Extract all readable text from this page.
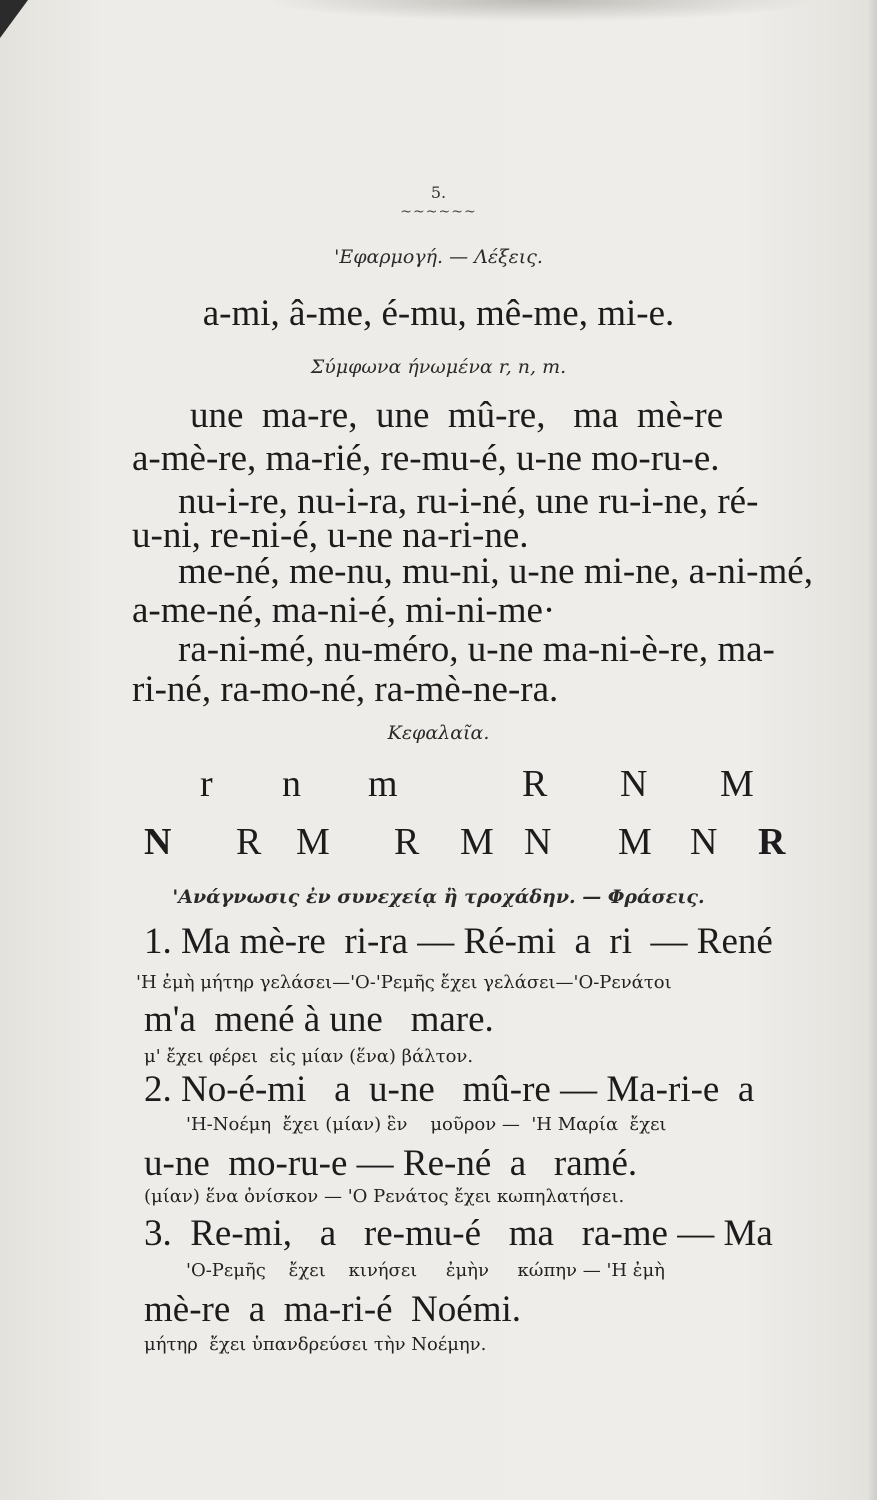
5.
~~~~~~
'Εφαρμογή. — Λέξεις.
a-mi, â-me, é-mu, mê-me, mi-e.
Σύμφωνα ήνωμένα r, n, m.
une  ma-re,  une  mû-re,   ma  mè-re
a-mè-re, ma-rié, re-mu-é, u-ne mo-ru-e.
nu-i-re, nu-i-ra, ru-i-né, une ru-i-ne, ré-
u-ni, re-ni-é, u-ne na-ri-ne.
me-né, me-nu, mu-ni, u-ne mi-ne, a-ni-mé,
a-me-né, ma-ni-é, mi-ni-me·
ra-ni-mé, nu-méro, u-ne ma-ni-è-re, ma-
ri-né, ra-mo-né, ra-mè-ne-ra.
Κεφαλαῖα.
r n m	R N M
N R M R M N M N R
'Ανάγνωσις ἐν συνεχείᾳ ἢ τροχάδην. — Φράσεις.
1. Ma mè-re  ri-ra — Ré-mi  a  ri  — René
'Η ἐμὴ μήτηρ γελάσει—'Ο-'Ρεμῆς ἔχει γελάσει—'Ο-Ρενάτοι
m'a  mené à une   mare.
μ' ἔχει φέρει  εἰς μίαν (ἕνα) βάλτον.
2. No-é-mi   a  u-ne   mû-re — Ma-ri-e  a
'Η-Νοέμη  ἔχει (μίαν) ἓν    μοῦρον —  'Η Μαρία  ἔχει
u-ne  mo-ru-e — Re-né  a   ramé.
(μίαν) ἕνα ὀνίσκον — 'Ο Ρενάτος ἔχει κωπηλατήσει.
3.  Re-mi,   a   re-mu-é   ma   ra-me — Ma
'Ο-Ρεμῆς    ἔχει    κινήσει     ἐμὴν     κώπην — 'Η ἐμὴ
mè-re  a  ma-ri-é  Noémi.
μήτηρ  ἔχει ὑπανδρεύσει τὴν Νοέμην.
